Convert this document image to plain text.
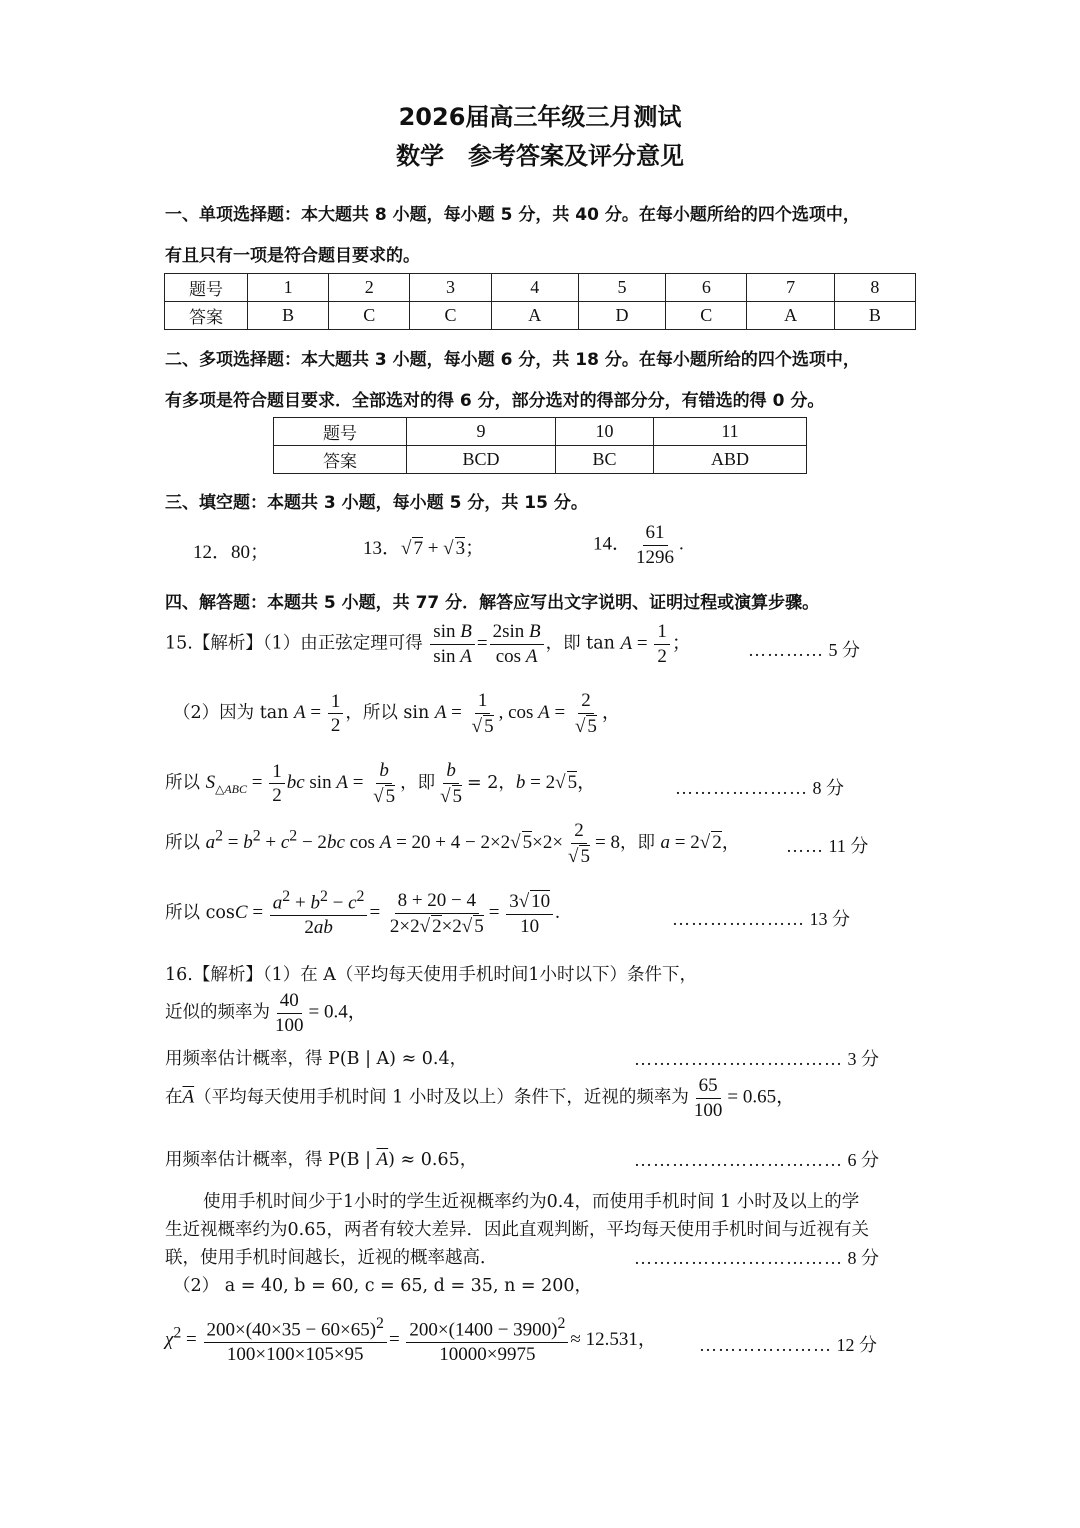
2026届高三年级三月测试
数学　参考答案及评分意见
一、单项选择题：本大题共 8 小题，每小题 5 分，共 40 分。在每小题所给的四个选项中，
有且只有一项是符合题目要求的。
题号	1	2	3	4	5	6	7	8
答案	B	C	C	A	D	C	A	B
二、多项选择题：本大题共 3 小题，每小题 6 分，共 18 分。在每小题所给的四个选项中，
有多项是符合题目要求．全部选对的得 6 分，部分选对的得部分分，有错选的得 0 分。
题号	9	10	11
答案	BCD	BC	ABD
三、填空题：本题共 3 小题，每小题 5 分，共 15 分。
12．80；	13．√ 7 + √ 3；	14． $\frac{61}{1296}$ .
四、解答题：本题共 5 小题，共 77 分．解答应写出文字说明、证明过程或演算步骤。
15.【解析】（1）由正弦定理可得 $\frac{\text{sin B}}{\text{sin A}} = \frac{\text{2sin B}}{\text{cos A}}$ ，即 $\tan A = \frac{1}{2}$ ；	………… 5 分
（2）因为 $\tan A = \frac{1}{2}$ ，所以 $\sin A = \frac{1}{√ 5}$ , $\cos A = \frac{2}{√ 5}$ ，
所以 $S_{\triangle ABC} = \frac{1}{2}$ bc $\sin A = \frac{b}{√ 5}$ ，即 $\frac{b}{√ 5} = 2$，b = 2√ 5，	………………… 8 分
所以 $a^2 = b^2 + c^2 - 2bc$ cos A = 20 + 4 − 2×2√ $5\times 2\times \frac{2}{√ 5} = 8$，即 a = 2√ 2，	…… 11 分
所以 $\cos C = \frac{a^2 + b^2 - c^2}{2ab} = \frac{8 + 20 - 4}{2\times 2√ 2\times 2√ 5} = \frac{3√ 10}{10}$ .	………………… 13 分
16.【解析】（1）在 A（平均每天使用手机时间1小时以下）条件下，
近似的频率为 $\frac{40}{100} = 0.4$，
用频率估计概率，得 P(B | A) ≈ 0.4，	…………………………… 3 分
在$\overline{A}$（平均每天使用手机时间 1 小时及以上）条件下，近视的频率为 $\frac{65}{100} = 0.65$，
用频率估计概率，得 P(B | $\overline{A}) \approx 0.65$，	…………………………… 6 分
使用手机时间少于1小时的学生近视概率约为0.4，而使用手机时间 1 小时及以上的学
生近视概率约为0.65，两者有较大差异．因此直观判断，平均每天使用手机时间与近视有关
联，使用手机时间越长，近视的概率越高．	…………………………… 8 分
（2） a = 40, b = 60, c = 65, d = 35, n = 200，
$\chi^2 = \frac{200\times(40\times 35 - 60\times 65)^2}{100\times 100\times 105\times 95} = \frac{200\times(1400 - 3900)^2}{10000\times 9975} \approx 12.531$， ………………… 12 分
